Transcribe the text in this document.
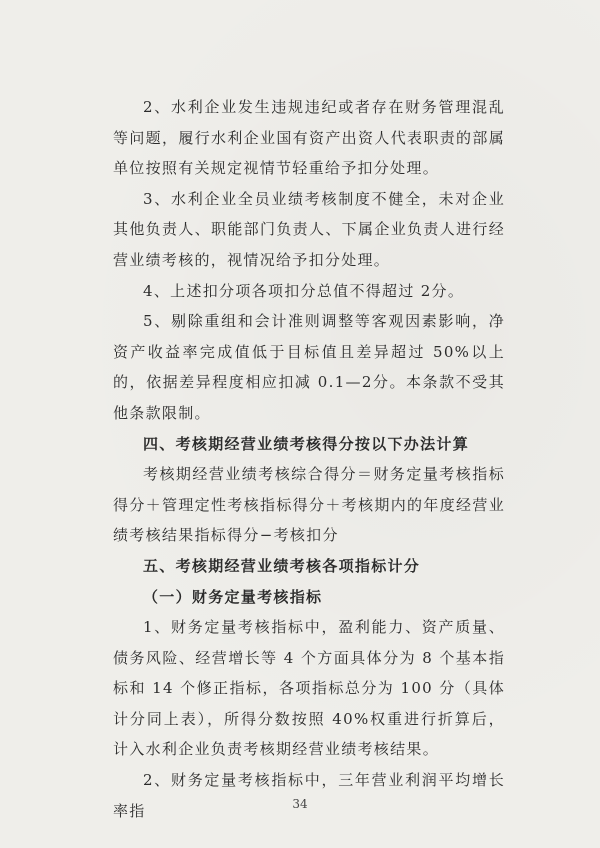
2、水利企业发生违规违纪或者存在财务管理混乱等问题，履行水利企业国有资产出资人代表职责的部属单位按照有关规定视情节轻重给予扣分处理。

3、水利企业全员业绩考核制度不健全，未对企业其他负责人、职能部门负责人、下属企业负责人进行经营业绩考核的，视情况给予扣分处理。

4、上述扣分项各项扣分总值不得超过 2分。

5、剔除重组和会计准则调整等客观因素影响，净资产收益率完成值低于目标值且差异超过 50%以上的，依据差异程度相应扣减 0.1—2分。本条款不受其他条款限制。

四、考核期经营业绩考核得分按以下办法计算

考核期经营业绩考核综合得分＝财务定量考核指标得分＋管理定性考核指标得分＋考核期内的年度经营业绩考核结果指标得分−考核扣分

五、考核期经营业绩考核各项指标计分

（一）财务定量考核指标

1、财务定量考核指标中，盈利能力、资产质量、债务风险、经营增长等 4 个方面具体分为 8 个基本指标和 14 个修正指标，各项指标总分为 100 分（具体计分同上表），所得分数按照 40%权重进行折算后，计入水利企业负责考核期经营业绩考核结果。

2、财务定量考核指标中，三年营业利润平均增长率指	34
